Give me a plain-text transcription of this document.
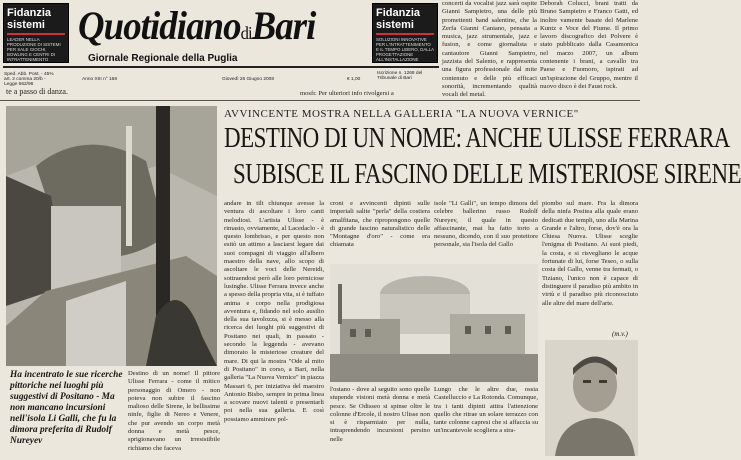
Fidanzia sistemi
LEADER NELLA PRODUZIONE DI SISTEMI PER SALE GIOCHI, BOWLING E CENTRI DI INTRATTENIMENTO
QuotidianodiBari
Giornale Regionale della Puglia
Fidanzia sistemi
SOLUZIONI INNOVATIVE PER L'INTRATTENIMENTO E IL TEMPO LIBERO, DALLA PROGETTAZIONE ALL'INSTALLAZIONE
Sped. Abb. Post. - 45% art. 2 comma 20/b - Legge 662/96
Anno XIII n° 168	Giovedì 26 Giugno 2008	€ 1,00
Iscrizione n. 1268 del Tribunale di Bari
concerti da vocalist jazz sarà ospite Gianni Sampietro, una delle più promettenti band salentine, che la Zerfa Gianni Caniano, pensata a musica, jazz strumentale, jazz e fusion, e come giornalista e cantautore Gianni Sampietro, jazzista del Salento, e rappresenta una figura professionale dal mite contenuto e delle più efficaci sonorità, incrementando qualità vocali del metal.
Deborah Colucci, brani tratti da Bruno Sampietro e Franco Gatti, ed inoltre vamente basate del Marlene Kuntz e Voce del Fiume. Il primo lavoro discografico dei Polvere è stato pubblicato dalla Casamonica nel marzo 2007, un album contenente i brani, a cavallo tra Paese e Fuomoro, ispirati ad un'ispirazione del Gruppo, mentre il nuovo disco è dei Faust rock.
te a passo di danza.	mosfr. Per ulteriori info rivolgersi a
Ha incentrato le sue ricerche pittoriche nei luoghi più suggestivi di Positano - Ma non mancano incursioni nell'isola Li Galli, che fu la dimora preferita di Rudolf Nureyev
Destino di un nome! Il pittore Ulisse Ferrara - come il mitico personaggio di Omero - non poteva non subire il fascino malioso delle Sirene, le bellissime ninfe, figlie di Nereo e Venere, che pur avendo un corpo metà donna e metà pesce, sprigionavano un irresistibile richiamo che faceva
AVVINCENTE MOSTRA NELLA GALLERIA "LA NUOVA VERNICE"
DESTINO DI UN NOME: ANCHE ULISSE FERRARA
SUBISCE IL FASCINO DELLE MISTERIOSE SIRENE
andare in tilt chiunque avesse la ventura di ascoltare i loro canti melodiosi. L'artista Ulisse - è rimasto, ovviamente, al Lacedaclo - è questo lombrisso, e per questo non esitò un attimo a lasciarsi legare dai suoi compagni di viaggio all'albero maestro della nave, allo scopo di ascoltare le voci delle Nereidi, sottraendosi però alle loro perniciose lusinghe. Ulisse Ferrara invece anche a spesso della propria vita, si è tuffato anima e corpo nella prodigiosa avventura e, fidando nel solo ausilio della sua tavolozza, si è messo alla ricerca dei luoghi più suggestivi di Positano nei quali, in passato - secondo la leggenda - avevano dimorato le misteriose creature del mare. Di qui la mostra "Ode al mito di Positano" in corso, a Bari, nella galleria "La Nuova Vernice" in piazza Massari 6, per iniziativa del maestro Antonio Bisbo, sempre in prima linea a scovare nuovi talenti e presentarli poi nella sua galleria. E così possiamo ammirare pol-
croni e avvincenti dipinti sulle imperiali salite "perla" della costiera amalfitana, che ripropongono quelle di grande fascino naturalistico delle "Montagne d'oro" - come era chiamata
isole "Li Galli", un tempo dimora del celebre ballerino russo Rudolf Nureyev, il quale in questo affascinante, mai ha fatto torto a nessuno, dicendo, con il suo protettore personale, sia l'isola del Gallo
l'ostano - dove al seguito sono quelle stupende visioni metà donna e metà pesce. Se Odisseo si spinse oltre le colonne d'Ercole, il nostro Ulisse non si è risparmiato per nulla, intraprendendo incursioni persino nelle
Lungo che le altre due, ossia Castelluccio e La Rotonda. Comunque, tra i tanti dipinti attira l'attenzione quello che ritrae un solare terrazzo con tante colonne capresi che si affaccia su un'incantevole scogliera a stra-
piombo sul mare. Fra la dimora della ninfa Positea alla quale erano dedicati due templi, uno alla Marina Grande e l'altro, forse, dov'è ora la Chiesa Nuova. Ulisse sceglie l'enigma di Positano. Ai suoi piedi, la costa, e si risvegliano le acque fortunate di lui, forse Teseo, o sulla costa del Gallo, venne tra fermati, o Tiziano, l'unico non è capace di distinguere il paradiso più ambito in virtù e il paradiso più riconosciuto alle altre del mare dell'arte.
(m.v.)
